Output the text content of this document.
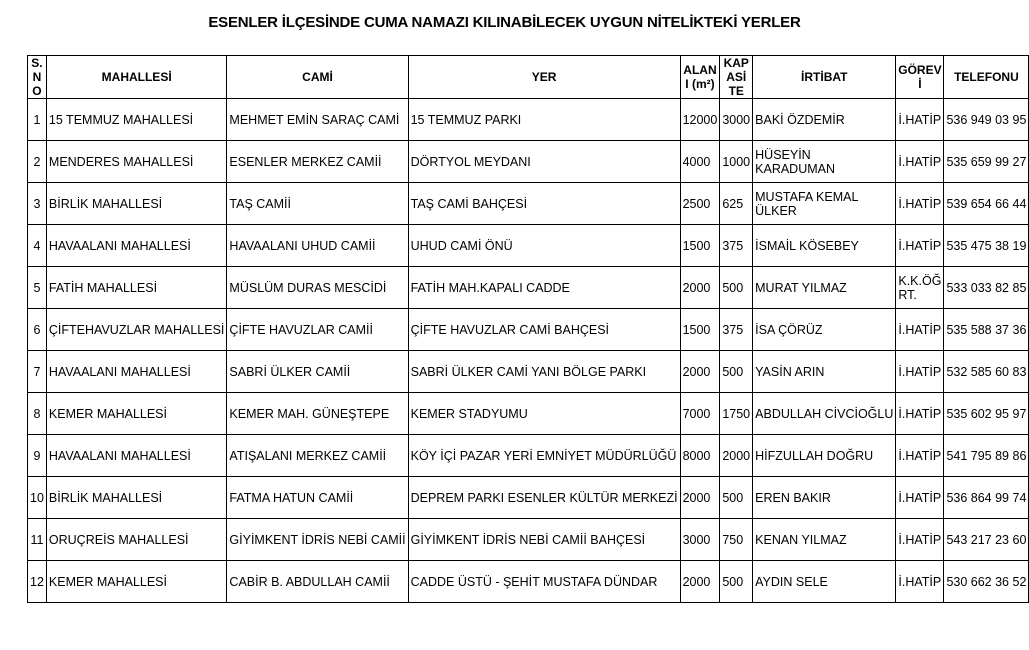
ESENLER İLÇESİNDE CUMA NAMAZI KILINABİLECEK UYGUN NİTELİKTEKİ YERLER
S.N O	MAHALLESİ	CAMİ	YER	ALAN I (m²)	KAPASİ TE	İRTİBAT	GÖREVİ	TELEFONU
1	15 TEMMUZ MAHALLESİ	MEHMET EMİN SARAÇ CAMİ	15 TEMMUZ PARKI	12000	3000	BAKİ ÖZDEMİR	İ.HATİP	536 949 03 95
2	MENDERES MAHALLESİ	ESENLER MERKEZ CAMİİ	DÖRTYOL MEYDANI	4000	1000	HÜSEYİN KARADUMAN	İ.HATİP	535 659 99 27
3	BİRLİK MAHALLESİ	TAŞ CAMİİ	TAŞ CAMİ BAHÇESİ	2500	625	MUSTAFA KEMAL ÜLKER	İ.HATİP	539 654 66 44
4	HAVAALANI MAHALLESİ	HAVAALANI UHUD CAMİİ	UHUD CAMİ ÖNÜ	1500	375	İSMAİL KÖSEBEY	İ.HATİP	535 475 38 19
5	FATİH MAHALLESİ	MÜSLÜM DURAS MESCİDİ	FATİH MAH.KAPALI CADDE	2000	500	MURAT YILMAZ	K.K.ÖĞ RT.	533 033 82 85
6	ÇİFTEHAVUZLAR MAHALLESİ	ÇİFTE HAVUZLAR CAMİİ	ÇİFTE HAVUZLAR CAMİ BAHÇESİ	1500	375	İSA ÇÖRÜZ	İ.HATİP	535 588 37 36
7	HAVAALANI MAHALLESİ	SABRİ ÜLKER CAMİİ	SABRİ ÜLKER CAMİ YANI BÖLGE PARKI	2000	500	YASİN ARIN	İ.HATİP	532 585 60 83
8	KEMER MAHALLESİ	KEMER MAH. GÜNEŞTEPE	KEMER STADYUMU	7000	1750	ABDULLAH CİVCİOĞLU	İ.HATİP	535 602 95 97
9	HAVAALANI MAHALLESİ	ATIŞALANI MERKEZ CAMİİ	KÖY İÇİ PAZAR YERİ EMNİYET MÜDÜRLÜĞÜ	8000	2000	HİFZULLAH DOĞRU	İ.HATİP	541 795 89 86
10	BİRLİK MAHALLESİ	FATMA HATUN CAMİİ	DEPREM PARKI ESENLER KÜLTÜR MERKEZİ	2000	500	EREN BAKIR	İ.HATİP	536 864 99 74
11	ORUÇREİS MAHALLESİ	GİYİMKENT İDRİS NEBİ CAMİİ	GİYİMKENT İDRİS NEBİ CAMİİ BAHÇESİ	3000	750	KENAN YILMAZ	İ.HATİP	543 217 23 60
12	KEMER MAHALLESİ	CABİR B. ABDULLAH CAMİİ	CADDE ÜSTÜ - ŞEHİT MUSTAFA DÜNDAR	2000	500	AYDIN SELE	İ.HATİP	530 662 36 52
